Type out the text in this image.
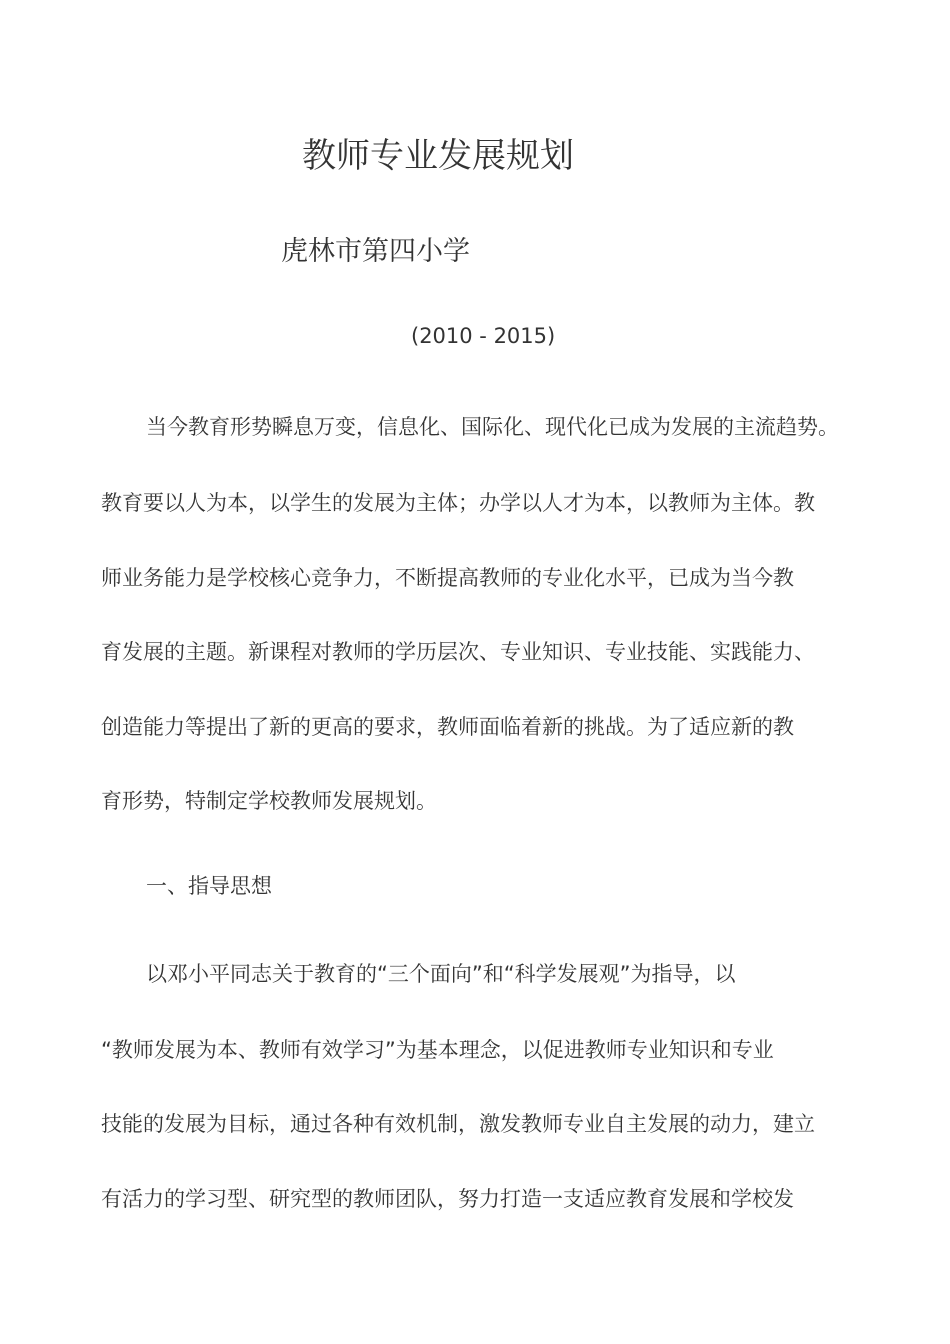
教师专业发展规划
虎林市第四小学
(2010 - 2015)
当今教育形势瞬息万变，信息化、国际化、现代化已成为发展的主流趋势。
教育要以人为本，以学生的发展为主体；办学以人才为本，以教师为主体。教
师业务能力是学校核心竞争力，不断提高教师的专业化水平，已成为当今教
育发展的主题。新课程对教师的学历层次、专业知识、专业技能、实践能力、
创造能力等提出了新的更高的要求，教师面临着新的挑战。为了适应新的教
育形势，特制定学校教师发展规划。
一、指导思想
以邓小平同志关于教育的“三个面向”和“科学发展观”为指导，以
“教师发展为本、教师有效学习”为基本理念，以促进教师专业知识和专业
技能的发展为目标，通过各种有效机制，激发教师专业自主发展的动力，建立
有活力的学习型、研究型的教师团队，努力打造一支适应教育发展和学校发
